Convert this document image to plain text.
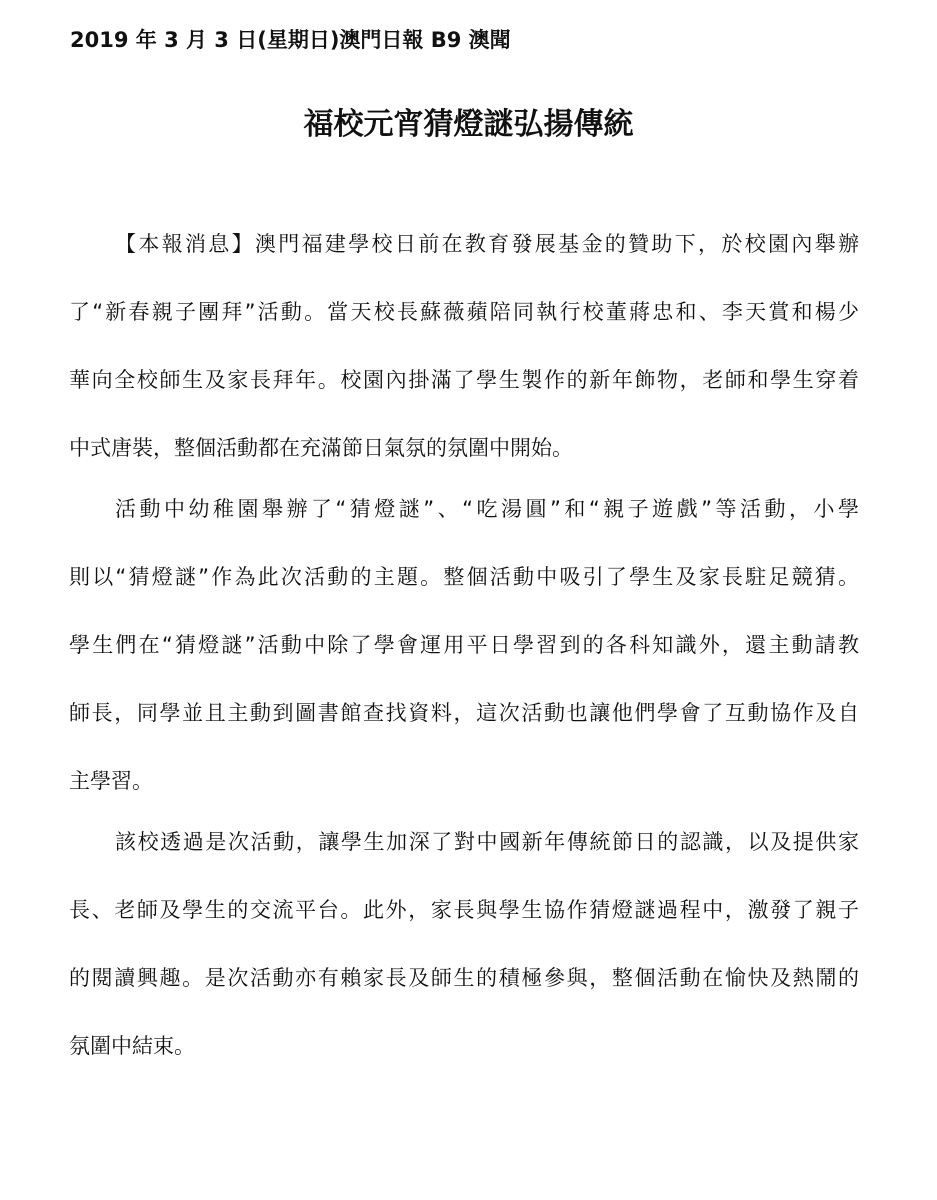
2019 年 3 月 3 日(星期日)澳門日報 B9 澳聞
福校元宵猜燈謎弘揚傳統
【本報消息】澳門福建學校日前在教育發展基金的贊助下，於校園內舉辦
了“新春親子團拜”活動。當天校長蘇薇蘋陪同執行校董蔣忠和、李天賞和楊少
華向全校師生及家長拜年。校園內掛滿了學生製作的新年飾物，老師和學生穿着
中式唐裝，整個活動都在充滿節日氣氛的氛圍中開始。
活動中幼稚園舉辦了“猜燈謎”、“吃湯圓”和“親子遊戲”等活動，小學
則以“猜燈謎”作為此次活動的主題。整個活動中吸引了學生及家長駐足競猜。
學生們在“猜燈謎”活動中除了學會運用平日學習到的各科知識外，還主動請教
師長，同學並且主動到圖書館查找資料，這次活動也讓他們學會了互動協作及自
主學習。
該校透過是次活動，讓學生加深了對中國新年傳統節日的認識，以及提供家
長、老師及學生的交流平台。此外，家長與學生協作猜燈謎過程中，激發了親子
的閱讀興趣。是次活動亦有賴家長及師生的積極參與，整個活動在愉快及熱鬧的
氛圍中結束。
